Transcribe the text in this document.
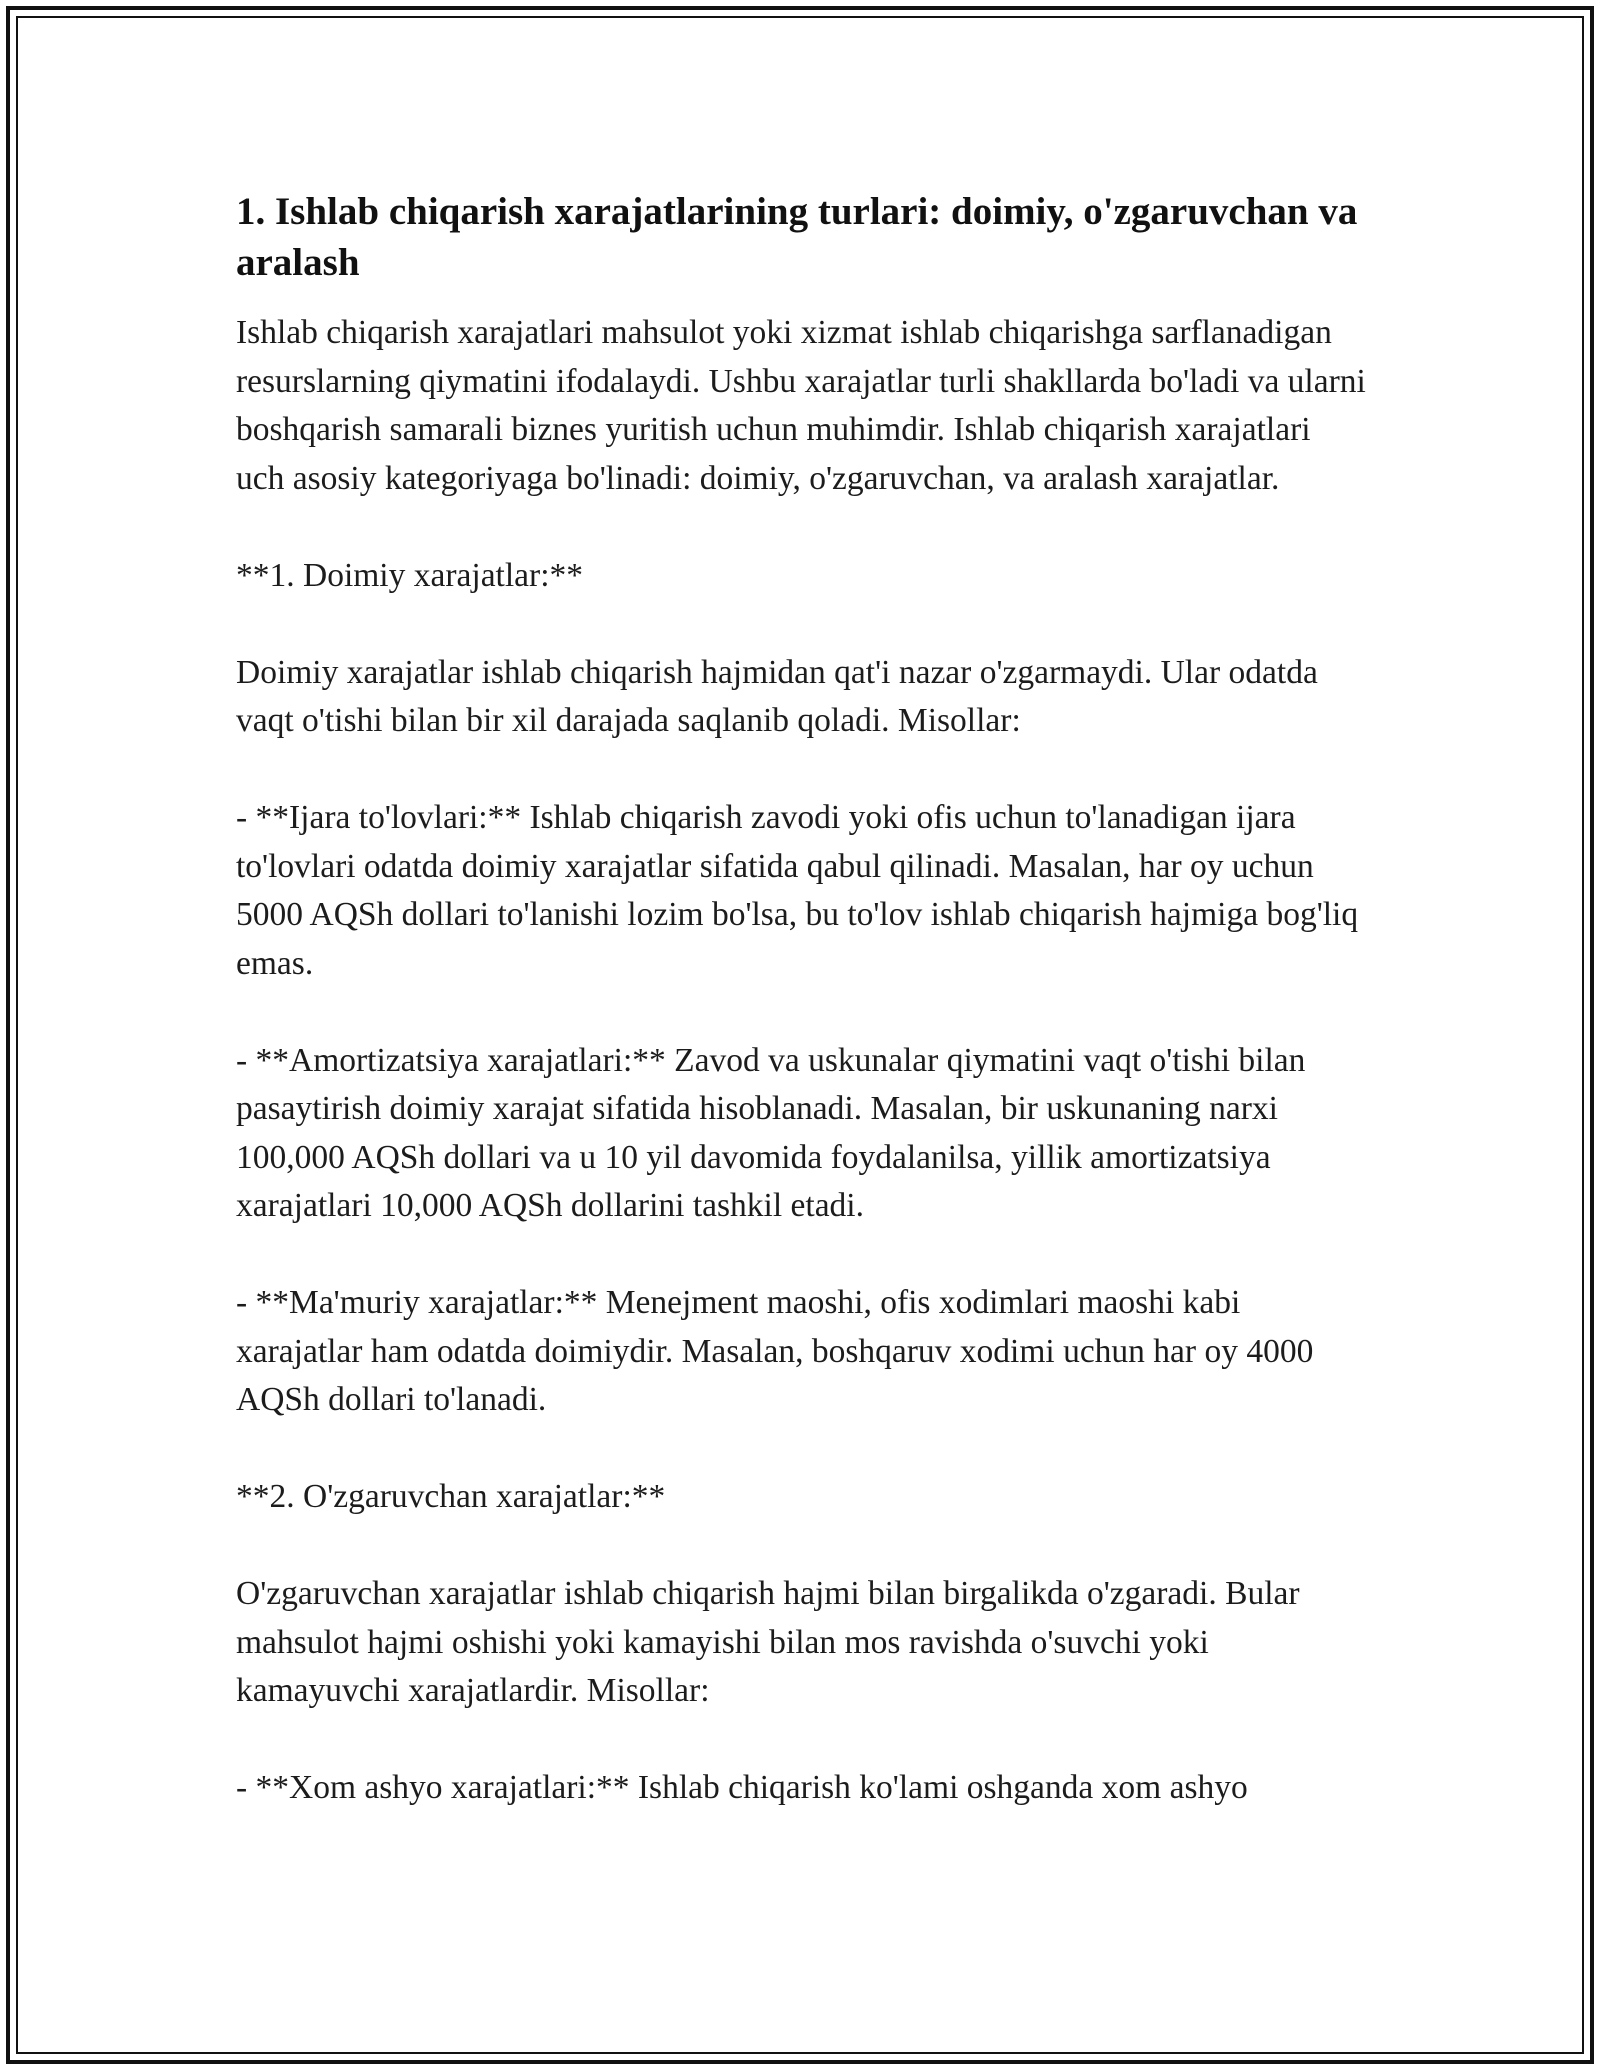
1. Ishlab chiqarish xarajatlarining turlari: doimiy, o'zgaruvchan va aralash

Ishlab chiqarish xarajatlari mahsulot yoki xizmat ishlab chiqarishga sarflanadigan resurslarning qiymatini ifodalaydi. Ushbu xarajatlar turli shakllarda bo'ladi va ularni boshqarish samarali biznes yuritish uchun muhimdir. Ishlab chiqarish xarajatlari uch asosiy kategoriyaga bo'linadi: doimiy, o'zgaruvchan, va aralash xarajatlar.

**1. Doimiy xarajatlar:**

Doimiy xarajatlar ishlab chiqarish hajmidan qat'i nazar o'zgarmaydi. Ular odatda vaqt o'tishi bilan bir xil darajada saqlanib qoladi. Misollar:

- **Ijara to'lovlari:** Ishlab chiqarish zavodi yoki ofis uchun to'lanadigan ijara to'lovlari odatda doimiy xarajatlar sifatida qabul qilinadi. Masalan, har oy uchun 5000 AQSh dollari to'lanishi lozim bo'lsa, bu to'lov ishlab chiqarish hajmiga bog'liq emas.

- **Amortizatsiya xarajatlari:** Zavod va uskunalar qiymatini vaqt o'tishi bilan pasaytirish doimiy xarajat sifatida hisoblanadi. Masalan, bir uskunaning narxi 100,000 AQSh dollari va u 10 yil davomida foydalanilsa, yillik amortizatsiya xarajatlari 10,000 AQSh dollarini tashkil etadi.

- **Ma'muriy xarajatlar:** Menejment maoshi, ofis xodimlari maoshi kabi xarajatlar ham odatda doimiydir. Masalan, boshqaruv xodimi uchun har oy 4000 AQSh dollari to'lanadi.

**2. O'zgaruvchan xarajatlar:**

O'zgaruvchan xarajatlar ishlab chiqarish hajmi bilan birgalikda o'zgaradi. Bular mahsulot hajmi oshishi yoki kamayishi bilan mos ravishda o'suvchi yoki kamayuvchi xarajatlardir. Misollar:

- **Xom ashyo xarajatlari:** Ishlab chiqarish ko'lami oshganda xom ashyo
